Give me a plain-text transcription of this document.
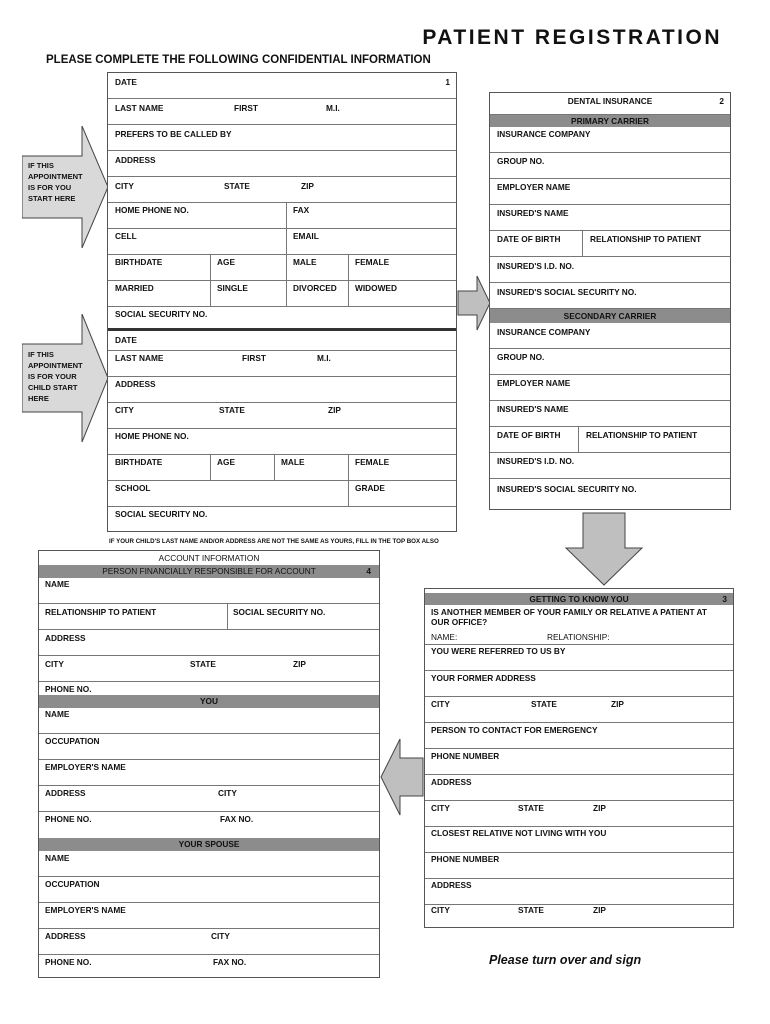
PATIENT REGISTRATION
PLEASE COMPLETE THE FOLLOWING CONFIDENTIAL INFORMATION
IF THIS APPOINTMENT IS FOR YOU START HERE
IF THIS APPOINTMENT IS FOR YOUR CHILD START HERE
DATE	1
LAST NAME	FIRST	M.I.
PREFERS TO BE CALLED BY
ADDRESS
CITY	STATE	ZIP
HOME PHONE NO.	FAX
CELL	EMAIL
BIRTHDATE	AGE	MALE	FEMALE
MARRIED	SINGLE	DIVORCED WIDOWED
SOCIAL SECURITY NO.
DATE
LAST NAME	FIRST	M.I.
ADDRESS
CITY	STATE	ZIP
HOME PHONE NO.
BIRTHDATE	AGE	MALE	FEMALE
SCHOOL	GRADE
SOCIAL SECURITY NO.
IF YOUR CHILD'S LAST NAME AND/OR ADDRESS ARE NOT THE SAME AS YOURS, FILL IN THE TOP BOX ALSO
DENTAL INSURANCE	2
PRIMARY CARRIER
INSURANCE COMPANY
GROUP NO.
EMPLOYER NAME
INSURED'S NAME
DATE OF BIRTH	RELATIONSHIP TO PATIENT
INSURED'S I.D. NO.
INSURED'S SOCIAL SECURITY NO.
SECONDARY CARRIER
INSURANCE COMPANY
GROUP NO.
EMPLOYER NAME
INSURED'S NAME
DATE OF BIRTH	RELATIONSHIP TO PATIENT
INSURED'S I.D. NO.
INSURED'S SOCIAL SECURITY NO.
GETTING TO KNOW YOU	3
IS ANOTHER MEMBER OF YOUR FAMILY OR RELATIVE A PATIENT AT OUR OFFICE?
NAME:	RELATIONSHIP:
YOU WERE REFERRED TO US BY
YOUR FORMER ADDRESS
CITY	STATE	ZIP
PERSON TO CONTACT FOR EMERGENCY
PHONE NUMBER
ADDRESS
CITY	STATE	ZIP
CLOSEST RELATIVE NOT LIVING WITH YOU
PHONE NUMBER
ADDRESS
CITY	STATE	ZIP
Please turn over and sign
ACCOUNT INFORMATION
PERSON FINANCIALLY RESPONSIBLE FOR ACCOUNT	4
NAME
RELATIONSHIP TO PATIENT	SOCIAL SECURITY NO.
ADDRESS
CITY	STATE	ZIP
PHONE NO.
YOU
NAME
OCCUPATION
EMPLOYER'S NAME
ADDRESS	CITY
PHONE NO.	FAX NO.
YOUR SPOUSE
NAME
OCCUPATION
EMPLOYER'S NAME
ADDRESS	CITY
PHONE NO.	FAX NO.
